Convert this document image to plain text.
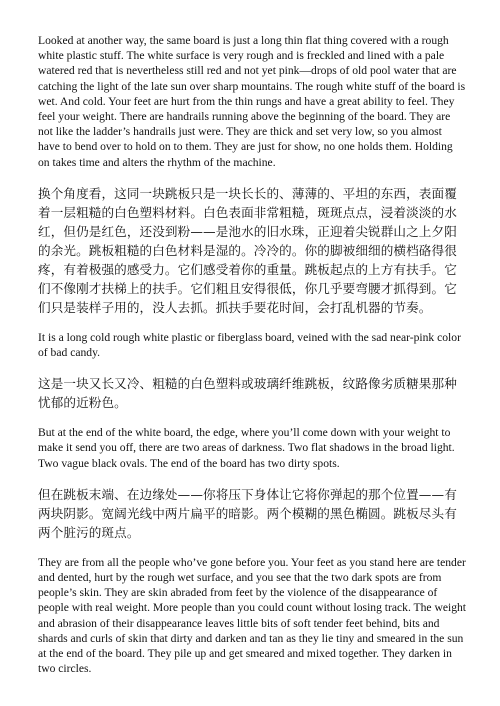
Looked at another way, the same board is just a long thin flat thing covered with a rough white plastic stuff. The white surface is very rough and is freckled and lined with a pale watered red that is nevertheless still red and not yet pink—drops of old pool water that are catching the light of the late sun over sharp mountains. The rough white stuff of the board is wet. And cold. Your feet are hurt from the thin rungs and have a great ability to feel. They feel your weight. There are handrails running above the beginning of the board. They are not like the ladder’s handrails just were. They are thick and set very low, so you almost have to bend over to hold on to them. They are just for show, no one holds them. Holding on takes time and alters the rhythm of the machine.

换个角度看，这同一块跳板只是一块长长的、薄薄的、平坦的东西，表面覆着一层粗糙的白色塑料材料。白色表面非常粗糙，斑斑点点，浸着淡淡的水红，但仍是红色，还没到粉——是池水的旧水珠，正迎着尖锐群山之上夕阳的余光。跳板粗糙的白色材料是湿的。冷冷的。你的脚被细细的横档硌得很疼，有着极强的感受力。它们感受着你的重量。跳板起点的上方有扶手。它们不像刚才扶梯上的扶手。它们粗且安得很低，你几乎要弯腰才抓得到。它们只是装样子用的，没人去抓。抓扶手要花时间，会打乱机器的节奏。

It is a long cold rough white plastic or fiberglass board, veined with the sad near-pink color of bad candy.

这是一块又长又冷、粗糙的白色塑料或玻璃纤维跳板，纹路像劣质糖果那种忧郁的近粉色。

But at the end of the white board, the edge, where you’ll come down with your weight to make it send you off, there are two areas of darkness. Two flat shadows in the broad light. Two vague black ovals. The end of the board has two dirty spots.

但在跳板末端、在边缘处——你将压下身体让它将你弹起的那个位置——有两块阴影。宽阔光线中两片扁平的暗影。两个模糊的黑色椭圆。跳板尽头有两个脏污的斑点。

They are from all the people who’ve gone before you. Your feet as you stand here are tender and dented, hurt by the rough wet surface, and you see that the two dark spots are from people’s skin. They are skin abraded from feet by the violence of the disappearance of people with real weight. More people than you could count without losing track. The weight and abrasion of their disappearance leaves little bits of soft tender feet behind, bits and shards and curls of skin that dirty and darken and tan as they lie tiny and smeared in the sun at the end of the board. They pile up and get smeared and mixed together. They darken in two circles.
